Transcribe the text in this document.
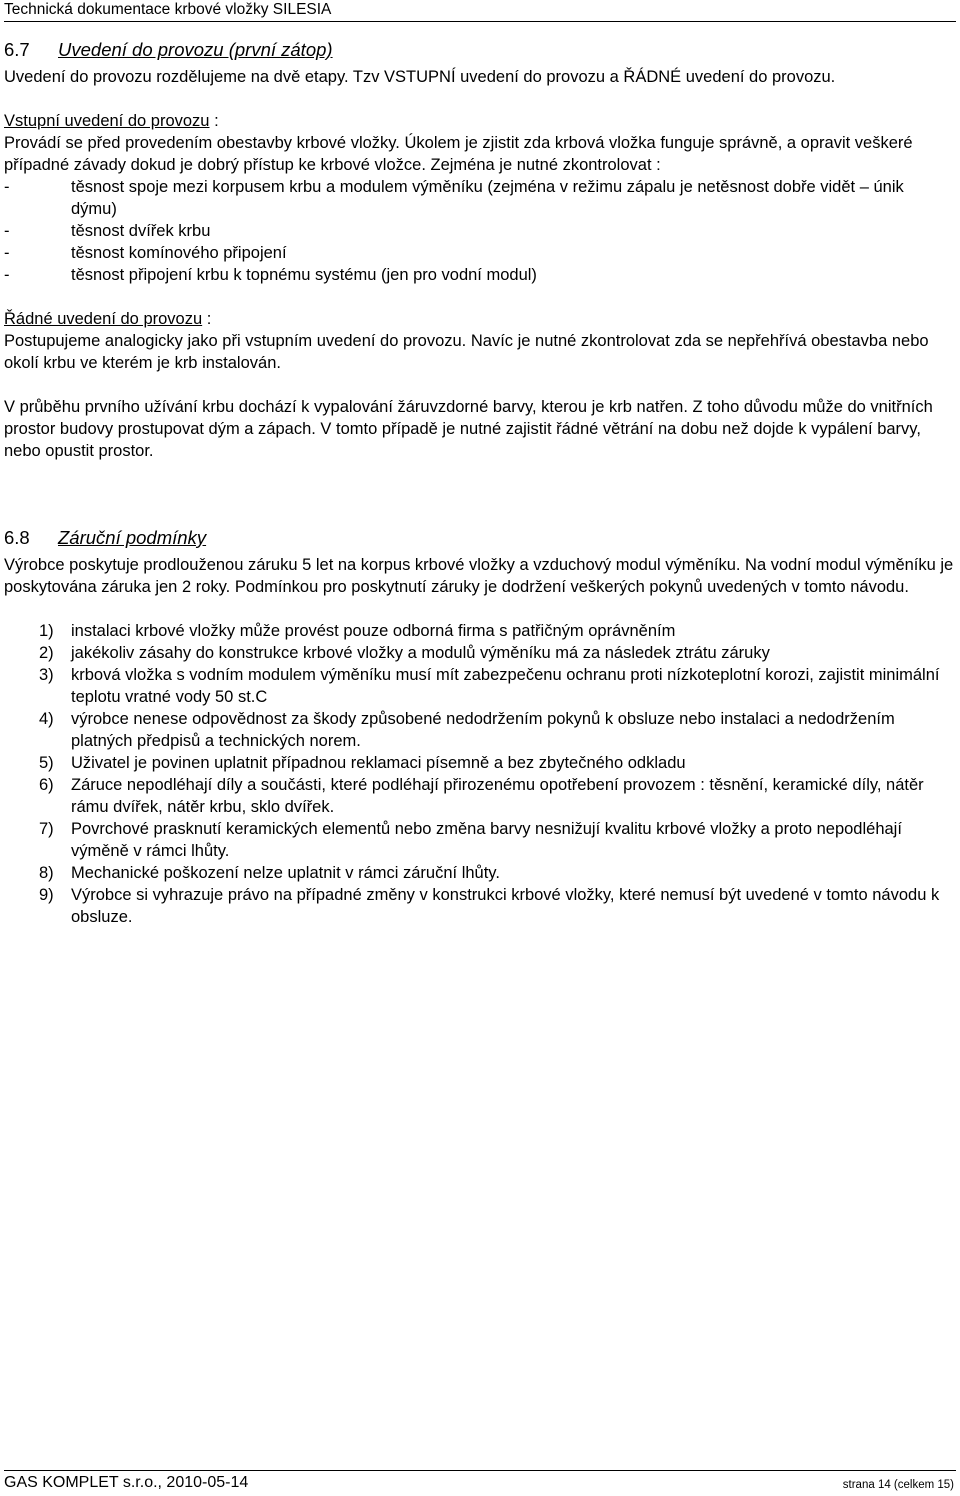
Technická dokumentace krbové vložky SILESIA
6.7 Uvedení do provozu (první zátop)

Uvedení do provozu rozdělujeme na dvě etapy. Tzv VSTUPNÍ uvedení do provozu a ŘÁDNÉ uvedení do provozu.

Vstupní uvedení do provozu :

Provádí se před provedením obestavby krbové vložky. Úkolem je zjistit zda krbová vložka funguje správně, a opravit veškeré případné závady dokud je dobrý přístup ke krbové vložce. Zejména je nutné zkontrolovat :

-	těsnost spoje mezi korpusem krbu a modulem výměníku (zejména v režimu zápalu je netěsnost dobře vidět – únik dýmu)
-	těsnost dvířek krbu
-	těsnost komínového připojení
-	těsnost připojení krbu k topnému systému (jen pro vodní modul)

Řádné uvedení do provozu :

Postupujeme analogicky jako při vstupním uvedení do provozu. Navíc je nutné zkontrolovat zda se nepřehřívá obestavba nebo okolí krbu ve kterém je krb instalován.

V průběhu prvního užívání krbu dochází k vypalování žáruvzdorné barvy, kterou je krb natřen. Z toho důvodu může do vnitřních prostor budovy prostupovat dým a zápach. V tomto případě je nutné zajistit řádné větrání na dobu než dojde k vypálení barvy, nebo opustit prostor.

6.8 Záruční podmínky

Výrobce poskytuje prodlouženou záruku 5 let na korpus krbové vložky a vzduchový modul výměníku. Na vodní modul výměníku je poskytována záruka jen 2 roky. Podmínkou pro poskytnutí záruky je dodržení veškerých pokynů uvedených v tomto návodu.

1) instalaci krbové vložky může provést pouze odborná firma s patřičným oprávněním
2) jakékoliv zásahy do konstrukce krbové vložky a modulů výměníku má za následek ztrátu záruky
3) krbová vložka s vodním modulem výměníku musí mít zabezpečenu ochranu proti nízkoteplotní korozi, zajistit minimální teplotu vratné vody 50 st.C
4) výrobce nenese odpovědnost za škody způsobené nedodržením pokynů k obsluze nebo instalaci a nedodržením platných předpisů a technických norem.
5) Uživatel je povinen uplatnit případnou reklamaci písemně a bez zbytečného odkladu
6) Záruce nepodléhají díly a součásti, které podléhají přirozenému opotřebení provozem : těsnění, keramické díly, nátěr rámu dvířek, nátěr krbu, sklo dvířek.
7) Povrchové prasknutí keramických elementů nebo změna barvy nesnižují kvalitu krbové vložky a proto nepodléhají výměně v rámci lhůty.
8) Mechanické poškození nelze uplatnit v rámci záruční lhůty.
9) Výrobce si vyhrazuje právo na případné změny v konstrukci krbové vložky, které nemusí být uvedené v tomto návodu k obsluze.
GAS KOMPLET s.r.o., 2010-05-14	strana 14 (celkem 15)
